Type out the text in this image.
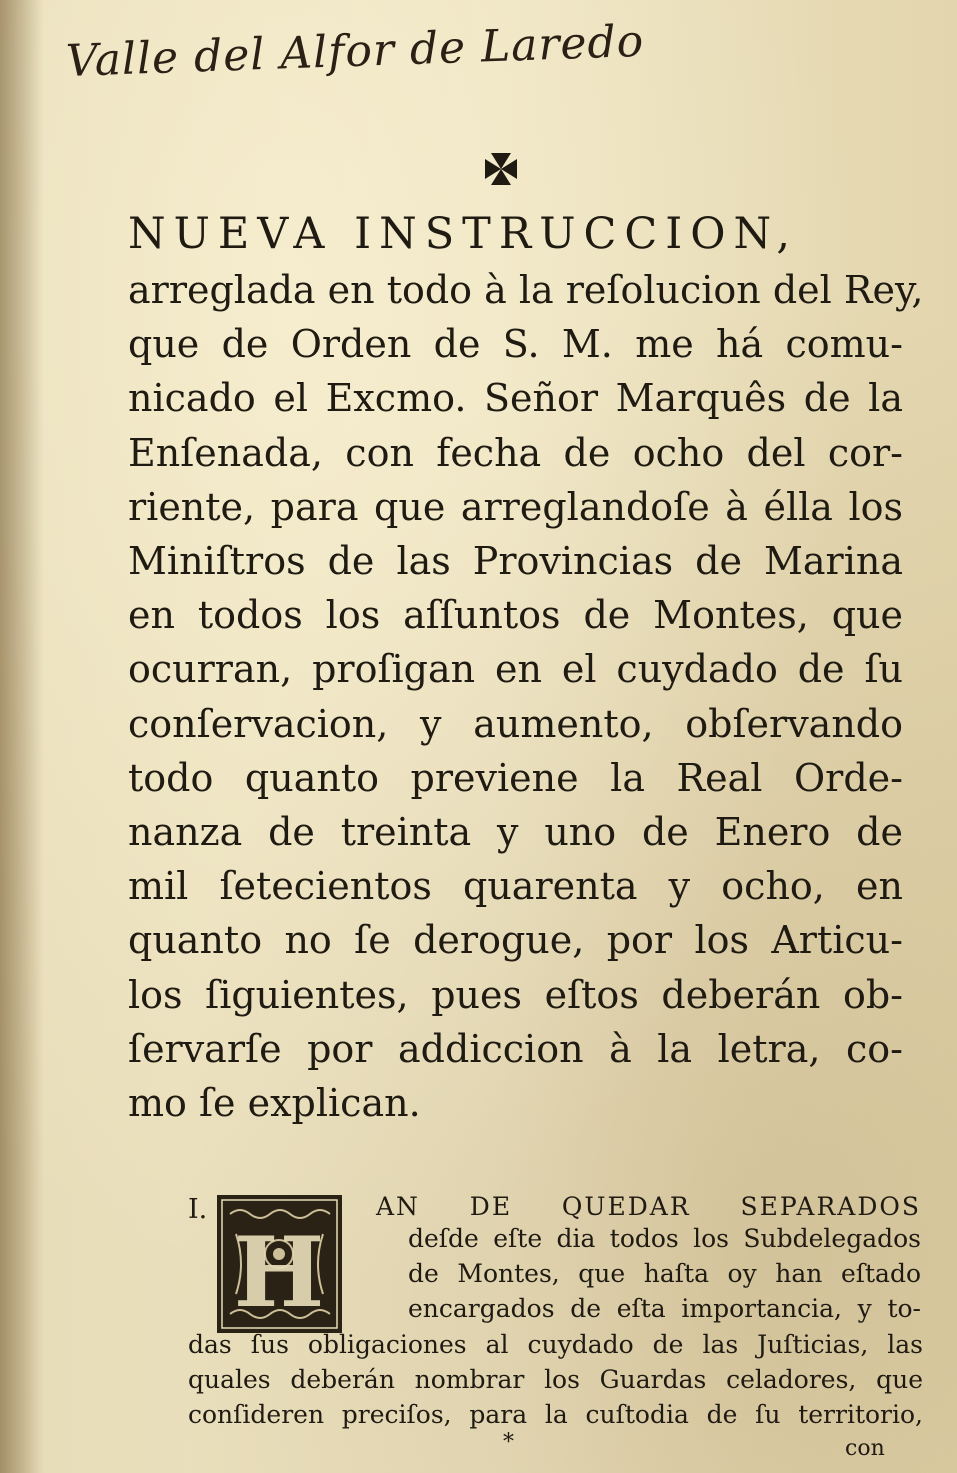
Valle del Alfor de Laredo
NUEVA INSTRUCCION,
arreglada en todo à la reſolucion del Rey,
que de Orden de S. M. me há comu-
nicado el Excmo. Señor Marquês de la
Enſenada, con fecha de ocho del cor-
riente, para que arreglandoſe à élla los
Miniſtros de las Provincias de Marina
en todos los aſſuntos de Montes, que
ocurran, proſigan en el cuydado de ſu
conſervacion, y aumento, obſervando
todo quanto previene la Real Orde-
nanza de treinta y uno de Enero de
mil ſetecientos quarenta y ocho, en
quanto no ſe derogue, por los Articu-
los ſiguientes, pues eſtos deberán ob-
ſervarſe por addiccion à la letra, co-
mo ſe explican.
I.
H
AN DE QUEDAR SEPARADOS
deſde eſte dia todos los Subdelegados
de Montes, que haſta oy han eſtado
encargados de eſta importancia, y to-
das ſus obligaciones al cuydado de las Juſticias, las
quales deberán nombrar los Guardas celadores, que
conſideren preciſos, para la cuſtodia de ſu territorio,
*	con
